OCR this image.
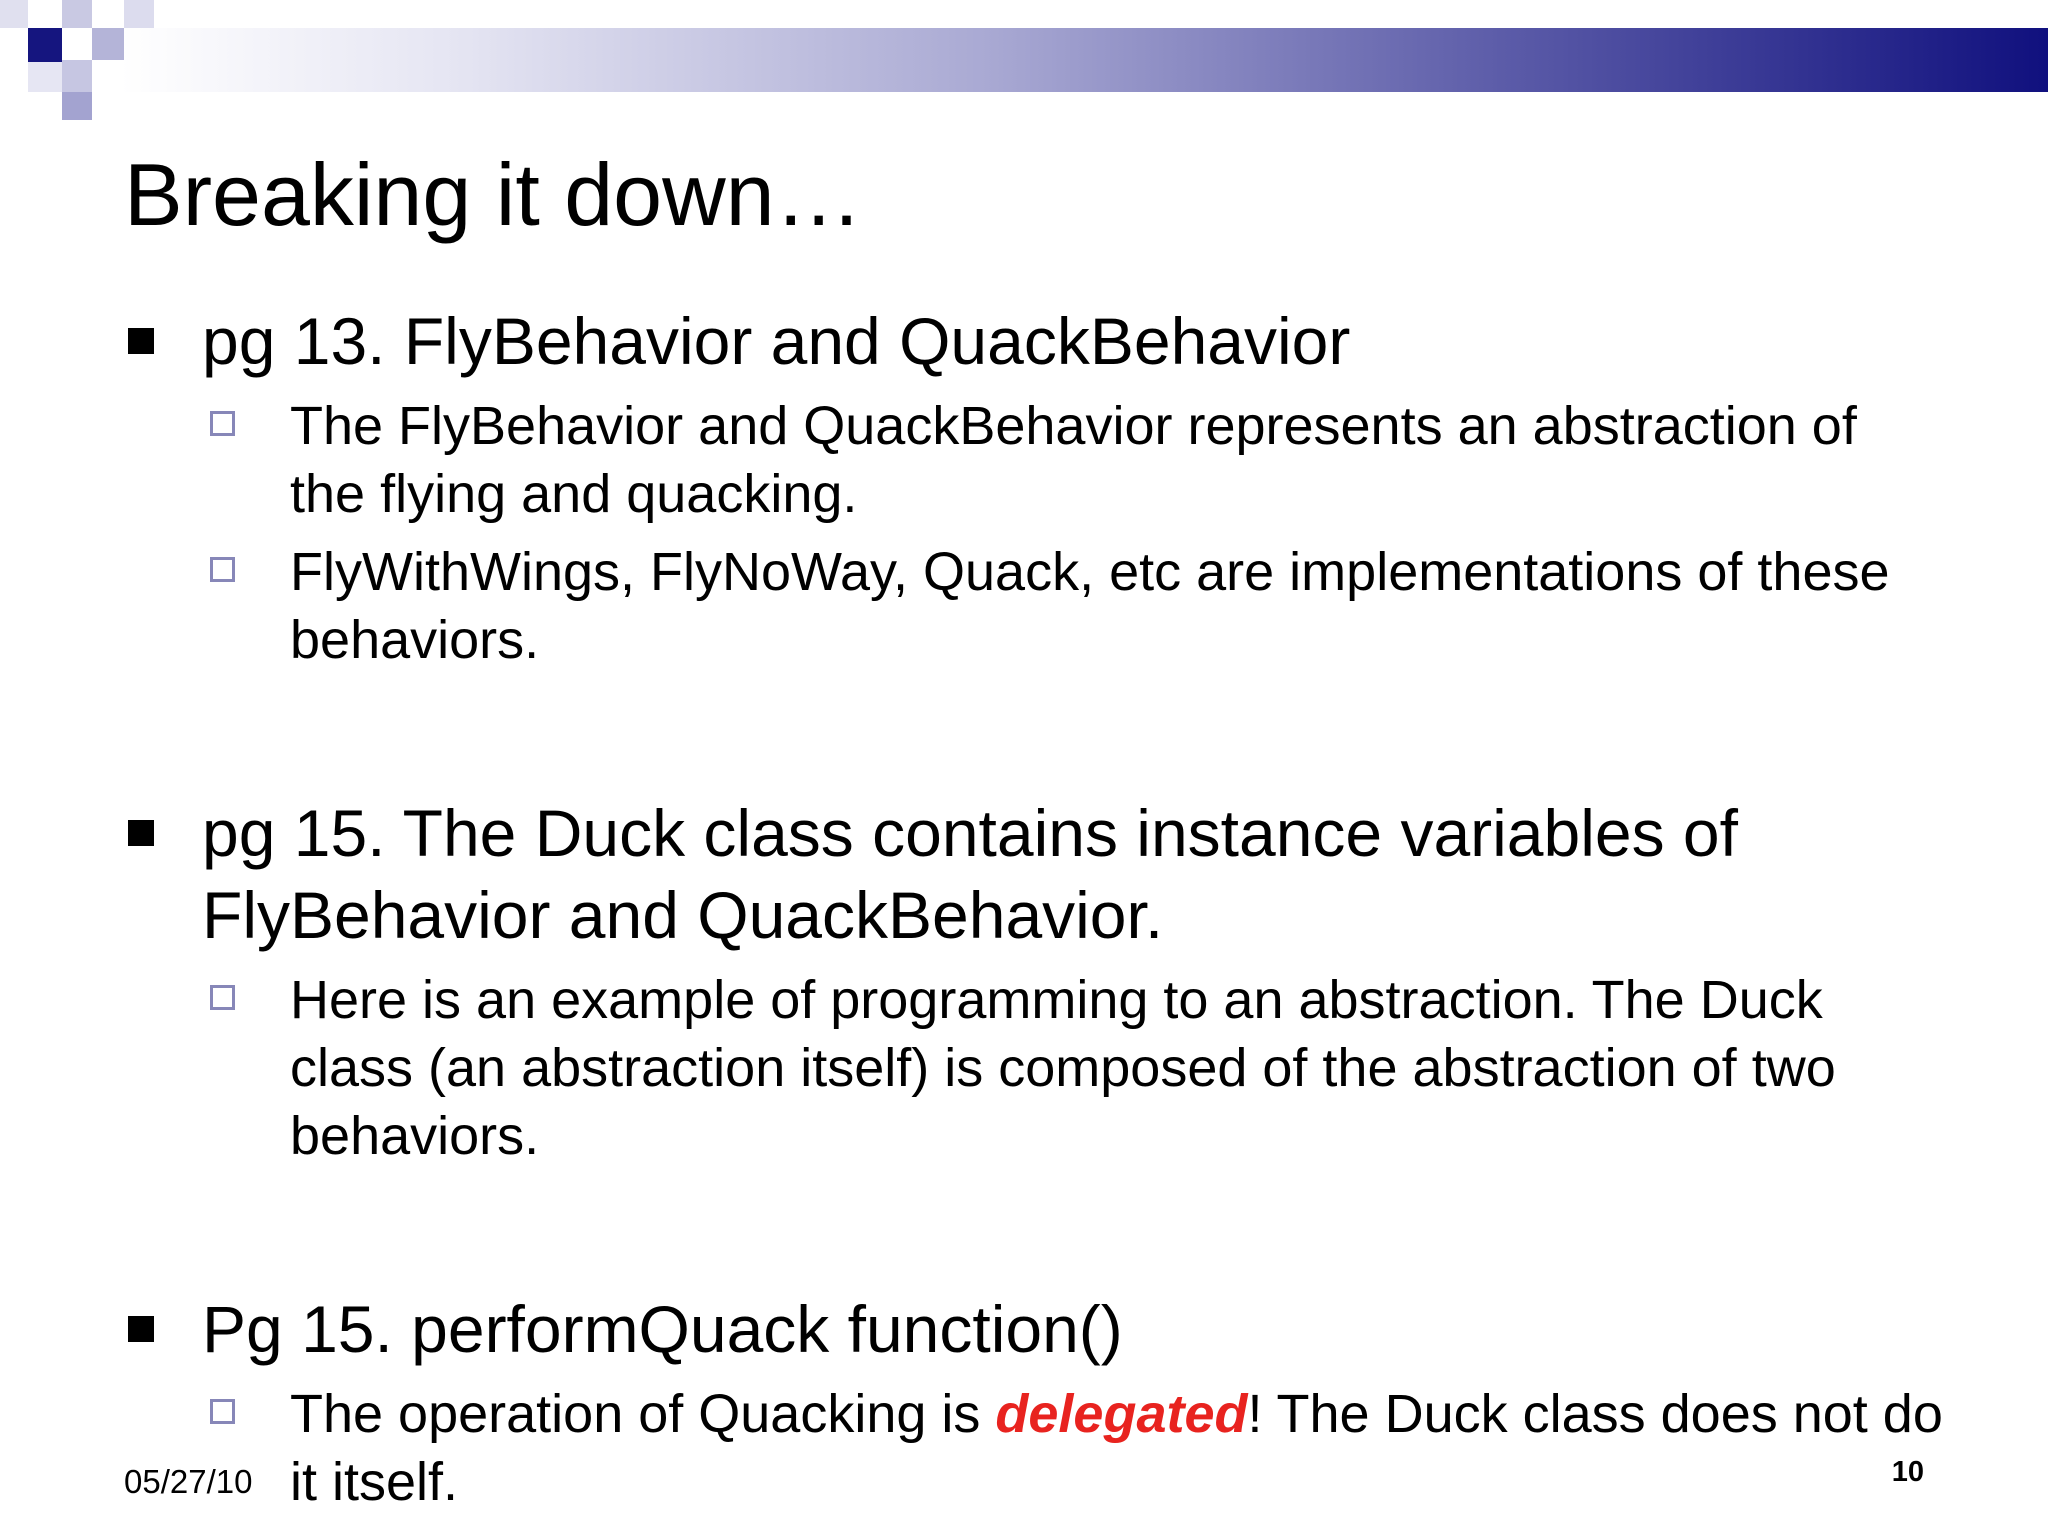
Breaking it down…
pg 13. FlyBehavior and QuackBehavior
The FlyBehavior and QuackBehavior represents an abstraction of the flying and quacking.
FlyWithWings, FlyNoWay, Quack, etc are implementations of these behaviors.
pg 15. The Duck class contains instance variables of FlyBehavior and QuackBehavior.
Here is an example of programming to an abstraction. The Duck class (an abstraction itself) is composed of the abstraction of two behaviors.
Pg 15. performQuack function()
The operation of Quacking is delegated! The Duck class does not do it itself.
05/27/10	10
